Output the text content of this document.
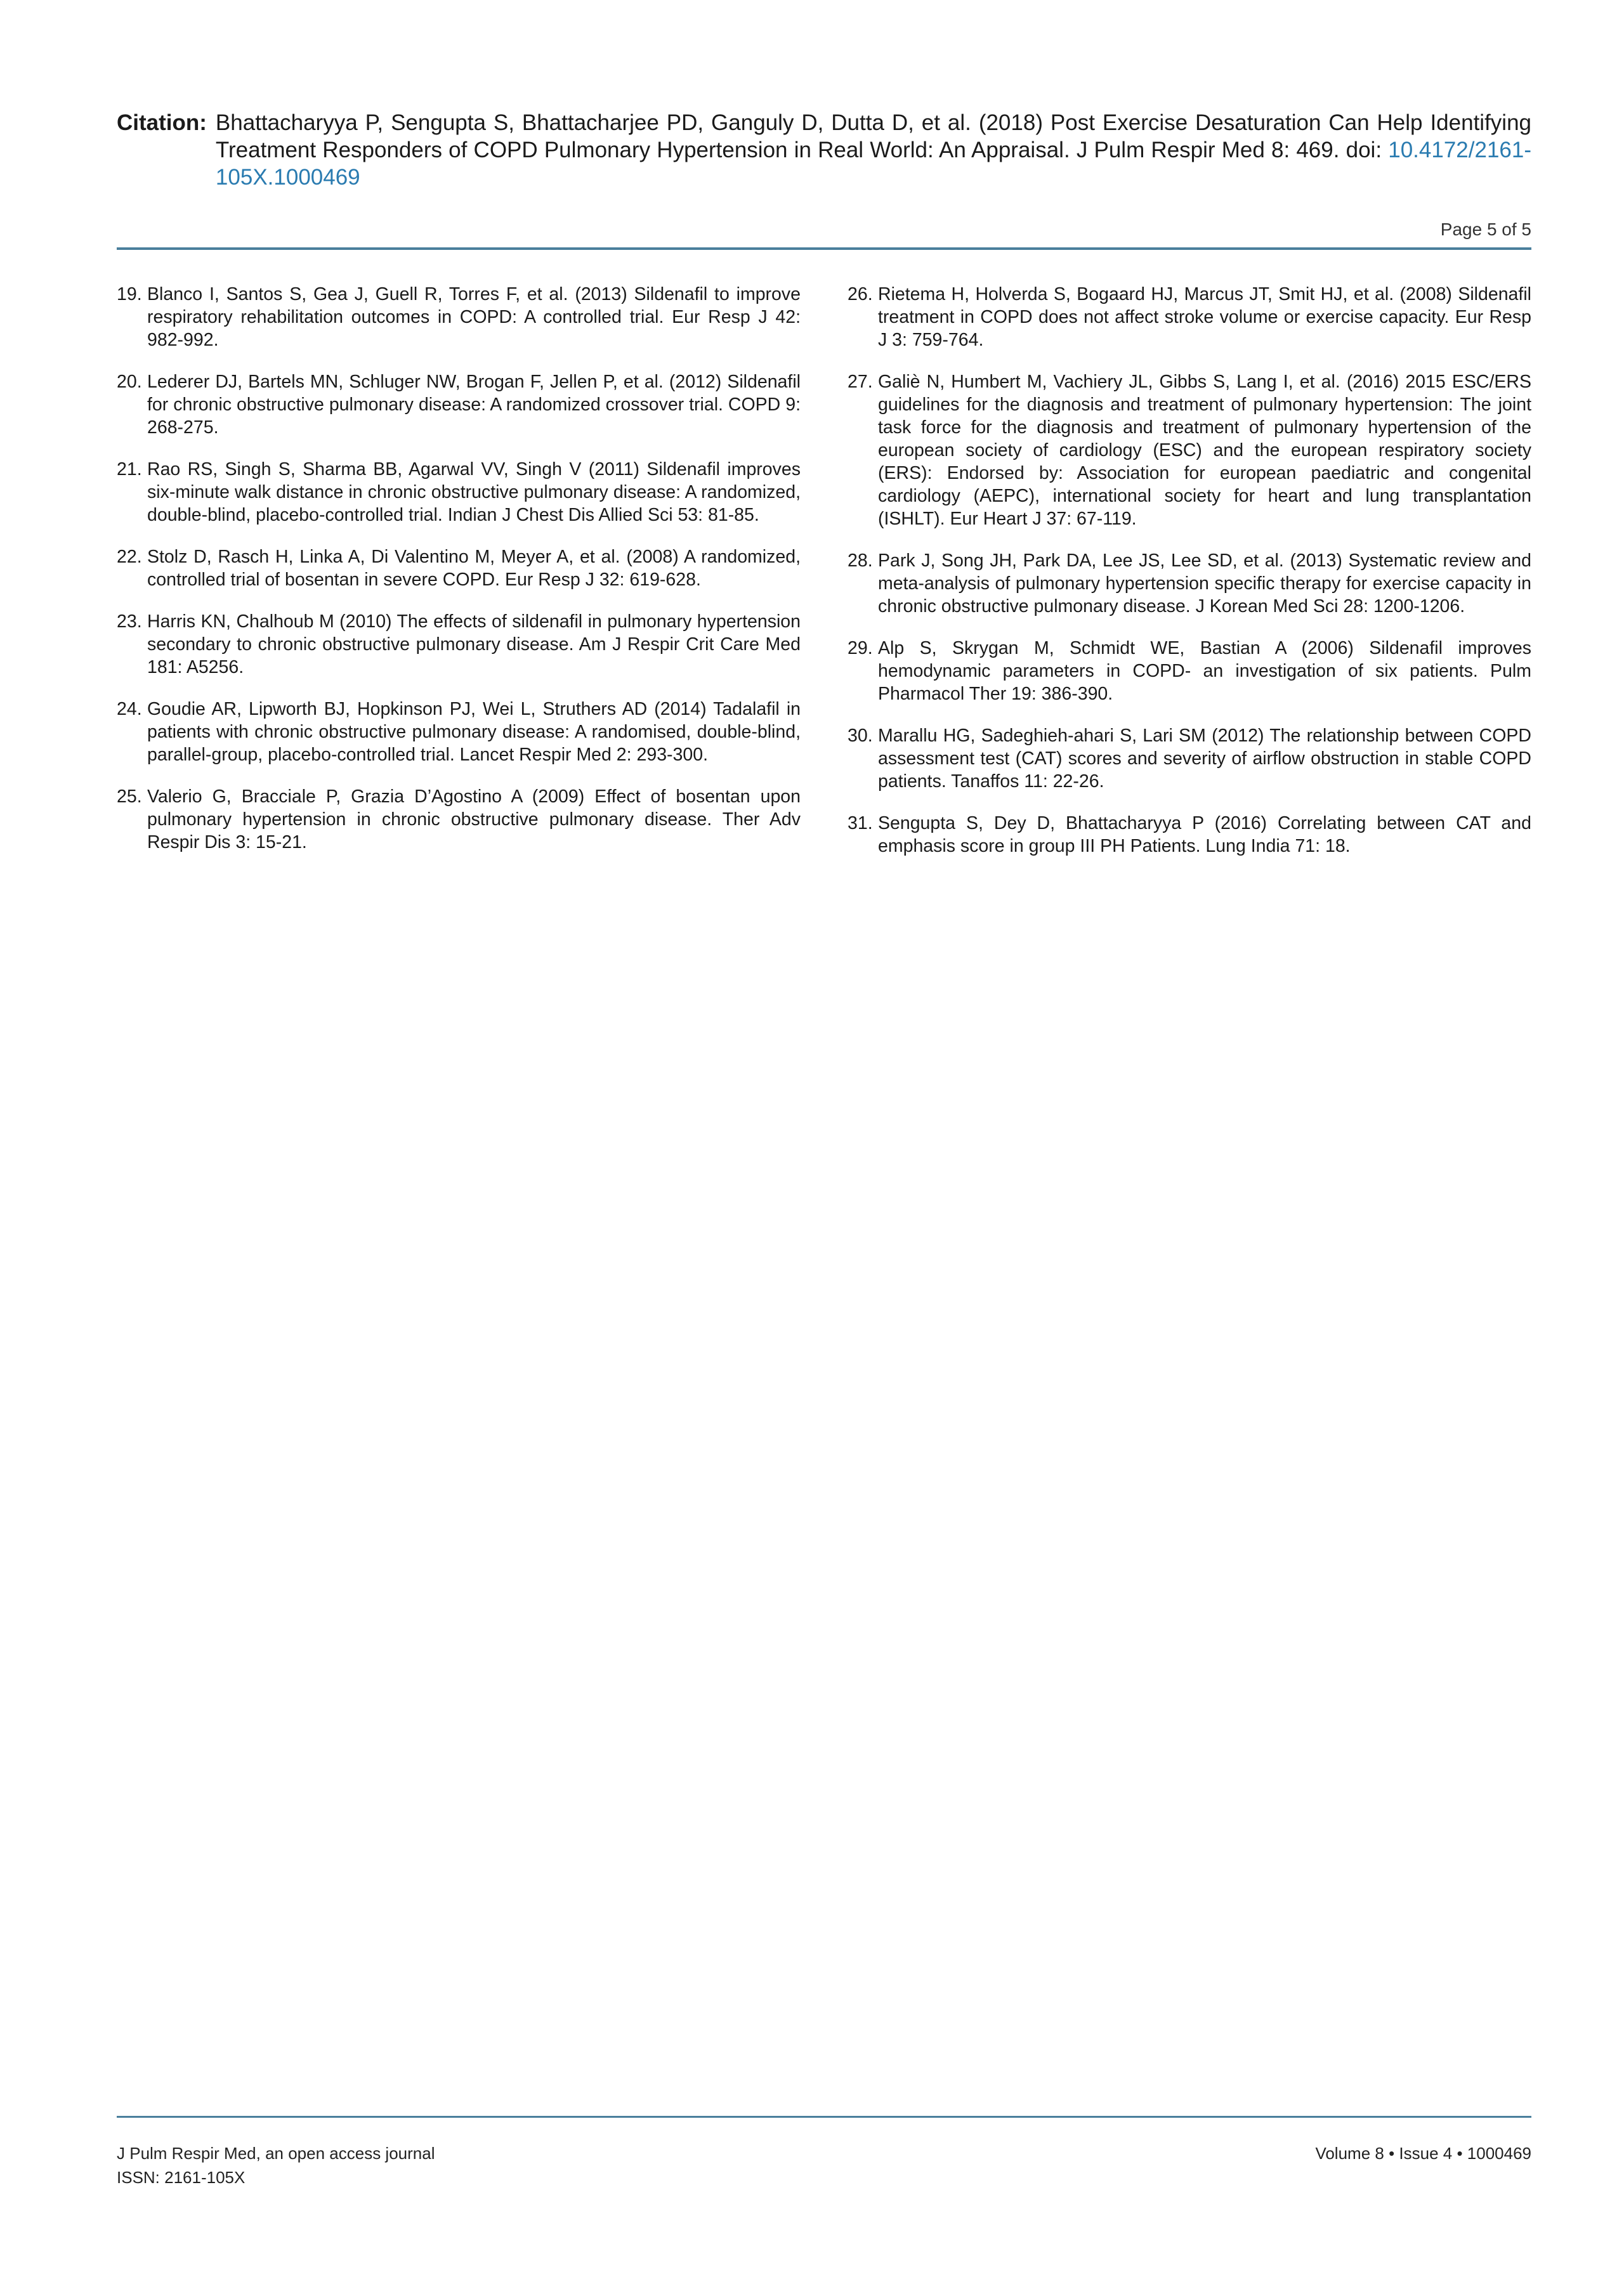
Citation: Bhattacharyya P, Sengupta S, Bhattacharjee PD, Ganguly D, Dutta D, et al. (2018) Post Exercise Desaturation Can Help Identifying Treatment Responders of COPD Pulmonary Hypertension in Real World: An Appraisal. J Pulm Respir Med 8: 469. doi: 10.4172/2161-105X.1000469
Page 5 of 5
19. Blanco I, Santos S, Gea J, Guell R, Torres F, et al. (2013) Sildenafil to improve respiratory rehabilitation outcomes in COPD: A controlled trial. Eur Resp J 42: 982-992.
20. Lederer DJ, Bartels MN, Schluger NW, Brogan F, Jellen P, et al. (2012) Sildenafil for chronic obstructive pulmonary disease: A randomized crossover trial. COPD 9: 268-275.
21. Rao RS, Singh S, Sharma BB, Agarwal VV, Singh V (2011) Sildenafil improves six-minute walk distance in chronic obstructive pulmonary disease: A randomized, double-blind, placebo-controlled trial. Indian J Chest Dis Allied Sci 53: 81-85.
22. Stolz D, Rasch H, Linka A, Di Valentino M, Meyer A, et al. (2008) A randomized, controlled trial of bosentan in severe COPD. Eur Resp J 32: 619-628.
23. Harris KN, Chalhoub M (2010) The effects of sildenafil in pulmonary hypertension secondary to chronic obstructive pulmonary disease. Am J Respir Crit Care Med 181: A5256.
24. Goudie AR, Lipworth BJ, Hopkinson PJ, Wei L, Struthers AD (2014) Tadalafil in patients with chronic obstructive pulmonary disease: A randomised, double-blind, parallel-group, placebo-controlled trial. Lancet Respir Med 2: 293-300.
25. Valerio G, Bracciale P, Grazia D’Agostino A (2009) Effect of bosentan upon pulmonary hypertension in chronic obstructive pulmonary disease. Ther Adv Respir Dis 3: 15-21.
26. Rietema H, Holverda S, Bogaard HJ, Marcus JT, Smit HJ, et al. (2008) Sildenafil treatment in COPD does not affect stroke volume or exercise capacity. Eur Resp J 3: 759-764.
27. Galiè N, Humbert M, Vachiery JL, Gibbs S, Lang I, et al. (2016) 2015 ESC/ERS guidelines for the diagnosis and treatment of pulmonary hypertension: The joint task force for the diagnosis and treatment of pulmonary hypertension of the european society of cardiology (ESC) and the european respiratory society (ERS): Endorsed by: Association for european paediatric and congenital cardiology (AEPC), international society for heart and lung transplantation (ISHLT). Eur Heart J 37: 67-119.
28. Park J, Song JH, Park DA, Lee JS, Lee SD, et al. (2013) Systematic review and meta-analysis of pulmonary hypertension specific therapy for exercise capacity in chronic obstructive pulmonary disease. J Korean Med Sci 28: 1200-1206.
29. Alp S, Skrygan M, Schmidt WE, Bastian A (2006) Sildenafil improves hemodynamic parameters in COPD- an investigation of six patients. Pulm Pharmacol Ther 19: 386-390.
30. Marallu HG, Sadeghieh-ahari S, Lari SM (2012) The relationship between COPD assessment test (CAT) scores and severity of airflow obstruction in stable COPD patients. Tanaffos 11: 22-26.
31. Sengupta S, Dey D, Bhattacharyya P (2016) Correlating between CAT and emphasis score in group III PH Patients. Lung India 71: 18.
J Pulm Respir Med, an open access journal
ISSN: 2161-105X
Volume 8 • Issue 4 • 1000469
